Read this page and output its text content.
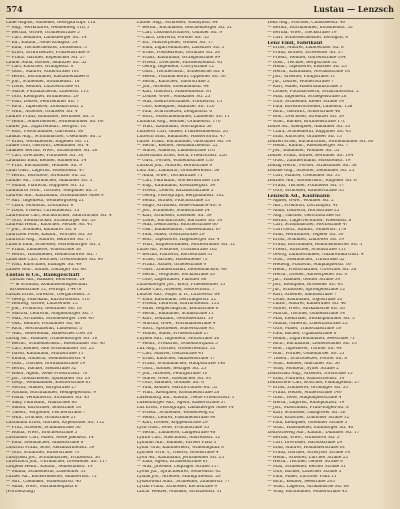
574	Lustau — Lenzsch
Laue August, Aufseher, Georgkirchpl. 11a
— Aug., Werkführer, Weidenweg 11b, I
— Bertha, Witwe, Oranienstraße 5
— Carl, Beamter, Landsberger Str. 14
— Ed., Kaufm., Neue Königstr. 24
— Emil, Tischlermeister, Dirksenstr. 3
— Ernst, Schriftsetzer, Prinzenstraße 9
— Franz, Gärtner, Köpenicker Str. 37
Laufer Adolf, Bäcker, Skalitzer Str. 52
— Carl, Kutscher, Wrangelstr. 8
— Gust., Maurer, Ackerstraße 101
— Herm., Buchhalter, Kastanienallee 6
— Joh., Schneider, Invalidenstr. 18
— Louis, Rentier, Lützowstraße 41
— Marie, Putzmacherin, Linienstr. 113
— Otto, Klempner, Brunnenstr. 29
— Paul, Lehrer, Fehrbelliner Str. 7
— Rich., Tapezierer, Zionskirchstr. 2
— Wilh., Arbeiter, Granseer Str. 4
Lauffer Franz, Bildhauer, Bernauer Str. 3
— Heinr., Malermeister, Swinemünder Str. 60
Laufer Jul., Zigarrenhdlr., Bergstr. 18
— Rob., Postschaffner, Gartenstr. 80
Laukat Aug., Schuhmacher, Usedomer Str. 2
— Ernst, Werkmeister, Rügener Str. 11
Lauke Otto, Gastwirt, Demminer Str. 4
Laukner Bertha, Wwe., Stralsunder Str. 26
— Carl, Drechsler, Putbusser Str. 30
Laumann Emil, Kellner, Ramlerstr. 14
— Fritz, Buchbinder, Wolliner Str. 9
Laun Gust., Lagerist, Hussitenstr. 47
— Herm., Bürobote, Strelitzer Str. 22
Launer Ad., Uhrmacher, Anklamer Str. 5
— Minna, Plätterin, Ruppiner Str. 12
Launhardt Wilh., Tischler, Templiner Str. 3
Laurent Alb., Kaufmann, Schönhauser Allee 9
— Alfr., Ingenieur, Weinbergsweg 21
— Clara, Modistin, Lottumstr. 6
— Louis, Friseur, Christinenstr. 15
Laurentius Carl, Buchdrucker, Saarbrücker Str. 4
— Otto, Steindrucker, Straßburger Str. 33
Laurenz Heinr., Kutscher, Metzer Str. 41
— Joh., Schmied, Kolmarer Str. 8
Lauritzen Peter, Kaufm., Wörther Str. 30
Laurisch Aug., Maurer, Belforter Str. 17
Lausch Emil, Schlosser, Marienburger Str. 2
— Franz, Zimmerer, Winsstraße 58
— Herm., Hausdiener, Heinersdorfer Str. 7
Lauschke Carl, Böttcher, Greifswalder Str. 90
— Paul, Kürschner, Elbinger Str. 49
Lauser Rob., Sattler, Danziger Str. 66
Lustau & Co., Bankgeschäft
Lustau Alb., Bankier, Behrenstr. 24
— & Schmidt, Kommissionsgeschäft
Kronenstraße 12, Fernspr. I 4478
Lustau Ernst, Direktor, Tiergartenstr. 3
— Georg, Fabrikant, Kurfürstenstr. 110
— Hedwig, Witwe, Lützowufer 12
— Joh., Prokurist, Genthiner Str. 18
— Martha, Lehrerin, Magdeburger Str. 7
— Max, Architekt, Schöneberger Ufer 40
— Osk., Rentier, Potsdamer Str. 88
— Rich., Rechtsanwalt, Lindenstr. 5
— Walt., Referendar, Hallesches Ufer 26
Lustig Ad., Händler, Oranienburger Str. 16
— Bernh., Schneidermstr., Rosenthaler Str. 40
— Carl, Kellner, Alte Schönhauser Str. 23
— David, Kaufmann, Münzstraße 11
— Emma, Näherin, Weinmeisterstr. 4
— Gust., Tischler, Gormannstraße 19
— Herm., Bäcker, Steinstraße 32
— Isidor, Agent, Neue Friedrichstr. 70
— Jac., Goldarbeiter, Spandauer Str. 29
— Leop., Weinhändler, Klosterstraße 61
— Moritz, Makler, Burgstraße 27
— Nathan, Buchhändler, Heiligegeiststr. 9
— Paula, Verkäuferin, Stralauer Str. 45
— Sally, Fabrikant, Wallstraße 80
— Simon, Kürschner, Roßstraße 18
— Theod., Vergolder, Fischerstraße 7
— Wilh., Drucker, Grünstraße 21
Lustmann Ernst, Gärtner, Köpenicker Str. 112
— Fritz, Arbeiter, Schmidstraße 36
— Hulda, Wwe., Brückenstraße 5
Lustnauer Carl, Maler, Neue Jakobstr. 14
— Emil, Stellmacher, Annenstraße 8
Lustrich Franz, Bote, Alexandrinenstr. 39
— Otto, Schaffner, Ritterstraße 73
Luszynski Jos., Schuhmacher, Prinzenstr. 50
Luterbach Joh., Uhrmacher, Dresdener Str. 117
Lutgens Heinr., Kaufm., Sebastianstr. 19
— Minna, Schneiderin, Luisenufer 31
Luther Ad., Bäckermeister, Adalbertstr. 72
— Alfr., Chemiker, Waldemarstr. 40
— Anna, Wwe., Mariannenplatz 6
(Fortsetzung)
Luther Aug., Schlosser, Naunynstr. 64
— Bernh., Buchhalter, Reichenberger Str. 21
— Carl, Lokomotivführer, Ohlauer Str. 9
— Clara, Lehrerin, Forster Str. 55
— Ed., Maurerpolier, Wiener Str. 17
— Emil, Zigarrenmacher, Lausitzer Str. 3
— Ernst, Postsekretär, Görlitzer Str. 28
— Franz, Kaufmann, Wrangelstraße 99
— Friedr., Drechsler, Falckensteinstr. 41
— Georg, Ingenieur, Cuvrystraße 12
— Gust., Tischlermstr., Schlesische Str. 8
— Hedw., Putzmacherin, Oppelner Str. 30
— Herm., Kutscher, Taborstraße 2
— Joh., Arbeiter, Eisenbahnstr. 44
— Karl, Gastwirt, Manteuffelstr. 81
— Louise, Wwe., Muskauer Str. 23
— Max, Elektrotechniker, Pücklerstr. 15
— Otto, Klempner, Skalitzer Str. 120
— Paul, Schriftsetzer, Zeughofstr. 6
— Rich., Maschinenbauer, Lübbener Str. 11
Luthardt Aug., Rentier, Oranienstr. 170
— Wilh., Kaufmann, Moritzplatz 58
Lutherer Carl, Glaser, Prinzessinnenstr. 20
Lutosch Emil, Bildhauer, Wassertorstr. 47
Lutter Franz, Buchbinder, Gitschiner Str. 14
— Herm., Kellner, Alexandrinenstr. 22
— Marie, Näherin, Lindenstraße 101
Luttermann Ernst, Koch, Friedrichstr. 226
— Gust., Portier, Wilhelmstraße 130
Luttkus Joh., Maurer, Hornstraße 9
Lutz Alb., Zahnarzt, Großbeerenstr. 56
— Anna, Wwe., Yorckstraße 71
— Carl, Fabrikant, Möckernstraße 128
— Eug., Kaufmann, Kreuzbergstr. 34
— Friedr., Lehrer, Katzbachstraße 5
— Georg, Photograph, Bergmannstr. 102
— Heinr., Brauer, Fidicinstraße 13
— Hugo, Architekt, Belle-Alliance-Str. 6
— Jos., Schneider, Solmsstraße 24
— Karl, Schlosser, Zossener Str. 39
— Ludw., Buchdrucker, Baruther Str. 18
— Max, Dekorateur, Blücherstraße 60
— Osk., Bankbeamter, Gneisenaustr. 87
— Paul, Maler, Nostitzstraße 29
— Rob., Tapezierer, Hagelberger Str. 4
— Wilh., Kupferschmied, Mittenwalder Str. 12
Lutze Ad., Postbote, Urbanstraße 162
— Bertha, Plätterin, Körtestraße 31
— Ernst, Gärtner, Hasenheide 73
— Franz, Sattler, Graefestraße 9
— Gust., Zimmermann, Dieffenbachstr. 46
— Herm., Vergolder, Böckhstraße 20
— Otto, Lagerhalter, Planufer 88
Lutzenberger Jos., Koch, Fraenkelufer 15
Lutzke Carl, Arbeiter, Hobrechtstr. 7
Lützow Alb., Major a. D., Lützowstr. 64
— Emil, Kaufmann, Derfflingerstr. 22
— Frieda, Lehrerin, Kurfürstenstr. 135
— Hans, Regierungsrat, Keithstraße 8
— Herm., Bildhauer, Schillstraße 11
— Kurt, Leutnant, Nettelbeckstr. 19
— Martha, Wwe., Wichmannstraße 4
— Rich., Apotheker, Bülowstraße 93
— Walter, Maler, Frobenstraße 27
Luyken Alfr., Ingenieur, Motzstraße 56
— Heinr., Prokurist, Nollendorfplatz 5
Lux Aug., Tischler, Winterfeldtstr. 32
— Carl, Maurer, Goltzstraße 41
— Ernst, Kutscher, Akazienstraße 17
— Franz, Schuhmacher, Hauptstraße 140
— Gust., Bäcker, Belziger Str. 23
— Joh., Arbeiter, Feurigstraße 10
— Marie, Wwe., Eisenacher Str. 81
— Otto, Händler, Gothaer Str. 6
— Paul, Kellner, Martin-Luther-Str. 52
— Wilh., Klempner, Kolonnenstraße 28
Luxemburg Sal., Kaufm., Neue Friedrichstr. 3
Luxenburger Alb., Agent, Kaiserstraße 37
Luz Ernst, Photograph, Landsberger Allee 14
— Friedr., Schneider, Weidenweg 62
— Heinr., Lehrer, Palisadenstraße 90
— Karl, Dreher, Koppenstraße 29
Lyck Gust., Bote, Fruchtstraße 35
— Herm., Zimmerer, Langestraße 48
Lydtin Carl, Maschinist, Andreasstr. 12
Lymann Alfr., Bankier, Pariser Platz 3
Lynar Graf, Kammerherr, Wilhelmplatz 8
Lyncker Frhr. v., Oberst, Roonstraße 4
Lyon Ad., Kaufmann, Jerusalemer Str. 25
— Emil, Agent, Krausenstraße 61
— Max, Juwelier, Leipziger Straße 117
Lyons Jul., Sprachlehrer, Mohrenstr. 42
Lysiak Jos., Arbeiter, Markgrafenstr. 20
Lyszkowski Stan., Schneider, Zimmerstr. 77
Lytzki Franz, Schlosser, Kochstraße 9
Lzicar Wenzel, Musiker, Schützenstr. 31
Lenz Aug., Pförtner, Chausseestr. 40
— Bernh., Buchhändler, Invalidenstr. 55
— Bertha, Wwe., Tieckstraße 19
— Carl, Schlossermeister, Borsigstr. 6
Lenz Emil, Fabrikant
— Ernst, Maurer, Zinnowitzer Str. 8
— Franz, Brauer, Schwedter Str. 37
— Friedr., Rentier, Gartenstraße 104
— Gust., Tischler, Bergstraße 52
— Heinr., Tapezierer, Elsässer Str. 23
— Herm., Kaufmann, Novalisstraße 16
— Joh., Arbeiter, Pflugstraße 11
— Jul., Lehrer, Wöhlertstraße 7
— Karl, Maler, Habersaathstraße 3
— Louise, Putzmacherin, Scharnhorststr. 2
— Max, Ingenieur, Schlegelstraße 28
— Otto, Schneider, Kieler Straße 14
— Paul, Bureauvorsteher, Linienstr. 158
— Rich., Gastwirt, Ackerstraße 46
— Rob., Drechsler, Strelitzer Str. 59
— Wilh., Bäcker, Brunnenstraße 171
Lenze Ad., Klempner, Anklamer Str. 33
— Clara, Schneiderin, Ruppiner Str. 45
— Emil, Kutscher, Granseer Str. 13
Lenzen Ernst, Buchdrucker, Swinemünder Str. 80
— Heinr., Kaufm., Rheinsberger Str. 7
— Jos., Bildhauer, Wolliner Str. 55
Lenzer Franz, Sattler, Bernauer Str. 104
— Gust., Zimmermann, Hussitenstr. 19
Lenzig Herm., Portier, Stralsunder Str. 58
Lenzke Aug., Arbeiter, Demminer Str. 25
— Carl, Maurer, Usedomer Str. 31
Lenzner Alb., Bäckermstr., Rügener Str. 6
— Franz, Tischler, Putbusser Str. 17
— Otto, Schlosser, Ramlerstraße 35
Lenzsch Ad., Kaufmann
— Agnes, Wwe., Wolliner Str. 2
— Alfr., Prokurist, Lortzingstr. 41
— Anna, Lehrerin, Hochstraße 22
— Aug., Gärtner, Gerichtstraße 63
— Bernh., Lagerverwalter, Wiesenstr. 8
— Carl, Schuhmacher, Hochstraße 47
— Carl Gottl., Kaufm., Müllerstr. 178
— Emil, Werkführer, Tegeler Str. 30
— Ernst, Schmied, Lindower Str. 19
— Franz, Buchbinder, Reinickendorfer Str. 5
— Friedr., Kutscher, Schulstraße 111
— Georg, Zahntechniker, Nazarethkirchstr. 4
— Gust., Stellmacher, Triftstraße 52
— Hedwig, Plätterin, Malplaquetstr. 16
— Heinr., Postschaffner, Utrechter Str. 28
— Herm., Dreher, Antwerpener Str. 9
— Jac., Händler, Genter Straße 39
— Joh., Klempner, Brüsseler Str. 43
— Jul., Schlosser, Sprengelstraße 12
— Karl, Arbeiter, Samoastraße 7
— Louis, Kaufmann, Togostraße 20
— Ludw., Maurer, Kameruner Str. 46
— Marie, Wwe., Afrikanische Str. 30
— Martin, Tischler, Guineastraße 14
— Max, Elektriker, Swakopmunder Str. 3
— Minna, Näherin, Lüderitzstraße 25
— Otto, Maler, Transvaalstraße 18
— Paul, Bäcker, Ugandastraße 6
— Reinh., Zigarrenhändler, Seestraße 71
— Rich., Buchhalter, Liebenwalder Str. 13
— Rob., Tapezierer, Turiner Str. 44
— Rud., Former, Oudenarder Str. 21
— Theod., Schriftsetzer, Föhrer Str. 8
— Wilh., Kellner, Amrumer Str. 36
— Willy, Monteur, Sylter Straße 2
Lenzschau Aug., Arbeiter, Torfstraße 15
— Emil, Fuhrherr, Kiautschoustr. 10
Lenzschow Carl, Böttcher, Plantagenstr. 27
— Ernst, Zimmerer, Groninger Str. 33
— Franz, Heizer, Müllerstraße 140
— Gust., Bote, Malplaquetstraße 4
— Herm., Lagerist, Ruheplatzstr. 19
— Joh., Maschinist, Prinz-Eugen-Str. 8
— Karl, Schlosser, Glasgower Str. 26
— Otto, Kutscher, Londoner Straße 12
— Paul, Klempner, Ostender Straße 5
— Wilh., Hausdiener, Edinburger Str. 40
Lenzschweig Alb., Kaufm., Dubliner Str. 17
— Bertha, Wwe., Windsorer Str. 3
— Carl, Drechsler, Barfusstraße 29
— Emil, Maurer, Holländerstraße 61
— Franz, Gärtner, Schwyzer Straße 14
— Heinr., Arbeiter, Zürcher Straße 22
— Herm., Tischler, Genfer Straße 8
— Max, Schneider, Berner Straße 31
— Otto, Bäcker, Luzerner Straße 5
— Paul, Maler, Züricher Platz 11
— Rich., Kellner, Seestraße 203
— Wilh., Lagerist, Afrikanische Str. 88
— Willy, Buchbinder, Müllerstraße 45
